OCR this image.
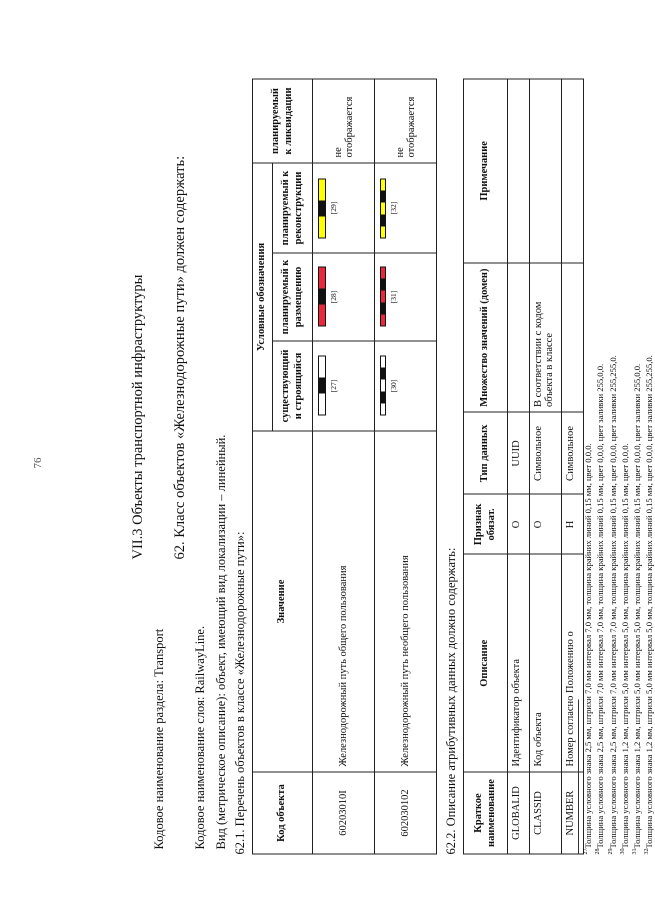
76	VII.3 Объекты транспортной инфраструктуры
Кодовое наименование раздела: Transport
62. Класс объектов «Железнодорожные пути» должен содержать:
Кодовое наименование слоя: RailwayLine. Вид (метрическое описание): объект, имеющий вид локализации – линейный. 62.1. Перечень объектов в классе «Железнодорожные пути»:	Код объекта	Значение	Условные обозначения			планируемый к ликвидации
		существующий и строящийся	планируемый к размещению	планируемый к реконструкции	
60203010I	Железнодорожный путь общего пользования	[27]	[28]	[29]	не отображается
602030102	Железнодорожный путь необщего пользования	[30]	[31]	[32]	не отображается
62.2. Описание атрибутивных данных должно содержать: Краткое наименование	Описание	Признак обязат.	Тип данных	Множество значений (домен)	Примечание
GLOBALID	Идентификатор объекта	О	UUID		
CLASSID	Код объекта	О	Символьное	В соответствии с кодом объекта в классе	
NUMBER	Номер согласно Положению о	Н	Символьное		
$^{27}$Толщина условного знака 2,5 мм, штрихи 7,0 мм интервал 7,0 мм, толщина крайних линий 0,15 мм, цвет 0,0,0.
$^{28}$Толщина условного знака 2,5 мм, штрихи 7,0 мм интервал 7,0 мм, толщина крайних линий 0,15 мм, цвет 0,0,0, цвет заливки 255,0,0.
$^{29}$Толщина условного знака 2,5 мм, штрихи 7,0 мм интервал 7,0 мм, толщина крайних линий 0,15 мм, цвет 0,0,0, цвет заливки 255,255,0.
$^{30}$Толщина условного знака 1,2 мм, штрихи 5,0 мм интервал 5,0 мм, толщина крайних линий 0,15 мм, цвет 0,0,0.
$^{31}$Толщина условного знака 1,2 мм, штрихи 5,0 мм интервал 5,0 мм, толщина крайних линий 0,15 мм, цвет 0,0,0, цвет заливки 255,0,0.
$^{32}$Толщина условного знака 1,2 мм, штрихи 5,0 мм интервал 5,0 мм, толщина крайних линий 0,15 мм, цвет 0,0,0, цвет заливки 255,255,0.
